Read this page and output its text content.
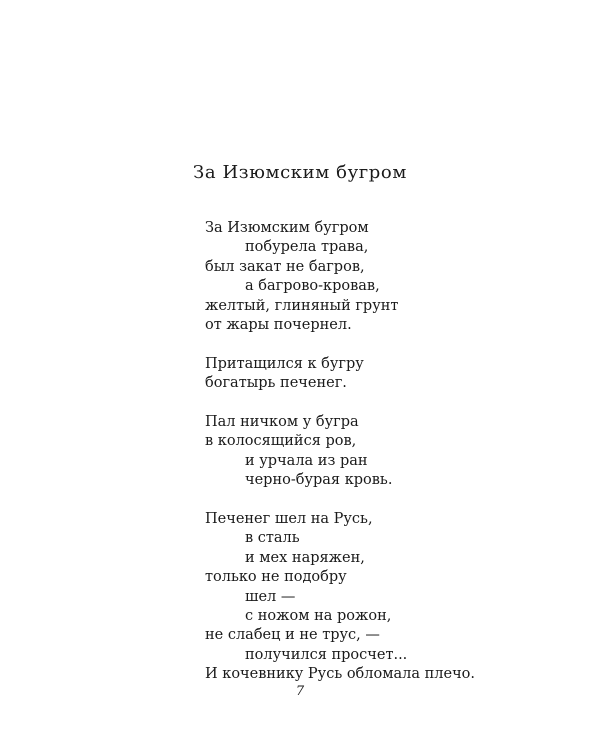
За Изюмским бугром
За Изюмским бугром
побурела трава,
был закат не багров,
а багрово-кровав,
желтый, глиняный грунт
от жары почернел.
Притащился к бугру
богатырь печенег.
Пал ничком у бугра
в колосящийся ров,
и урчала из ран
черно-бурая кровь.
Печенег шел на Русь,
в сталь
и мех наряжен,
только не подобру
шел —
с ножом на рожон,
не слабец и не трус, —
получился просчет...
И кочевнику Русь обломала плечо.
7
